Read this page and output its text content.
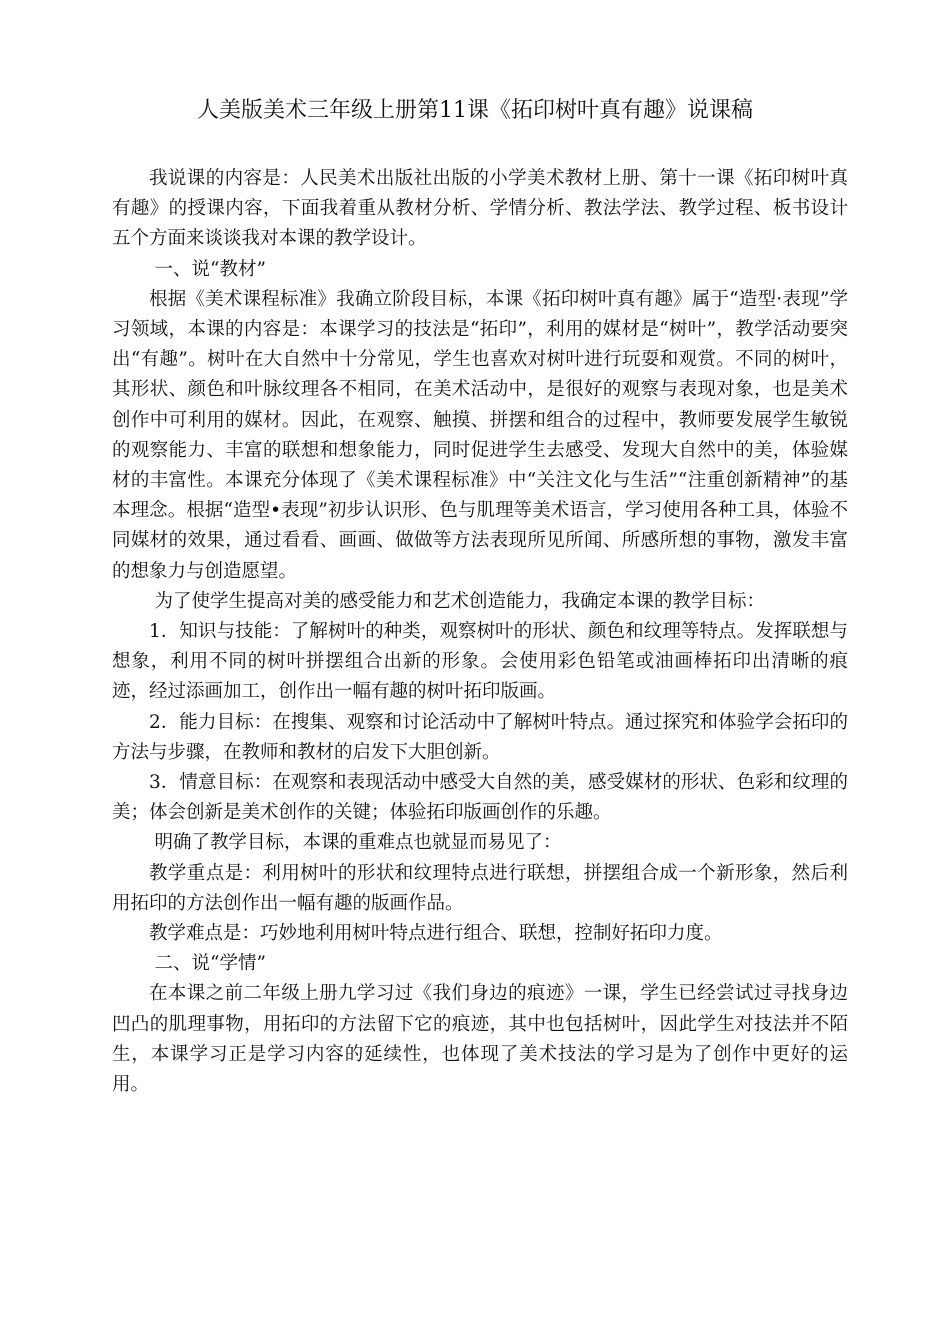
人美版美术三年级上册第11课《拓印树叶真有趣》说课稿

我说课的内容是：人民美术出版社出版的小学美术教材上册、第十一课《拓印树叶真有趣》的授课内容，下面我着重从教材分析、学情分析、教法学法、教学过程、板书设计五个方面来谈谈我对本课的教学设计。

一、说“教材”

根据《美术课程标准》我确立阶段目标，本课《拓印树叶真有趣》属于“造型·表现”学习领域，本课的内容是：本课学习的技法是“拓印”，利用的媒材是“树叶”，教学活动要突出“有趣”。树叶在大自然中十分常见，学生也喜欢对树叶进行玩耍和观赏。不同的树叶，其形状、颜色和叶脉纹理各不相同，在美术活动中，是很好的观察与表现对象，也是美术创作中可利用的媒材。因此，在观察、触摸、拼摆和组合的过程中，教师要发展学生敏锐的观察能力、丰富的联想和想象能力，同时促进学生去感受、发现大自然中的美，体验媒材的丰富性。本课充分体现了《美术课程标准》中“关注文化与生活”“注重创新精神”的基本理念。根据“造型•表现”初步认识形、色与肌理等美术语言，学习使用各种工具，体验不同媒材的效果，通过看看、画画、做做等方法表现所见所闻、所感所想的事物，激发丰富的想象力与创造愿望。

为了使学生提高对美的感受能力和艺术创造能力，我确定本课的教学目标：

1．知识与技能：了解树叶的种类，观察树叶的形状、颜色和纹理等特点。发挥联想与想象，利用不同的树叶拼摆组合出新的形象。会使用彩色铅笔或油画棒拓印出清晰的痕迹，经过添画加工，创作出一幅有趣的树叶拓印版画。

2．能力目标：在搜集、观察和讨论活动中了解树叶特点。通过探究和体验学会拓印的方法与步骤，在教师和教材的启发下大胆创新。

3．情意目标：在观察和表现活动中感受大自然的美，感受媒材的形状、色彩和纹理的美；体会创新是美术创作的关键；体验拓印版画创作的乐趣。

明确了教学目标，本课的重难点也就显而易见了：

教学重点是：利用树叶的形状和纹理特点进行联想，拼摆组合成一个新形象，然后利用拓印的方法创作出一幅有趣的版画作品。

教学难点是：巧妙地利用树叶特点进行组合、联想，控制好拓印力度。

二、说“学情”

在本课之前二年级上册九学习过《我们身边的痕迹》一课，学生已经尝试过寻找身边凹凸的肌理事物，用拓印的方法留下它的痕迹，其中也包括树叶，因此学生对技法并不陌生，本课学习正是学习内容的延续性，也体现了美术技法的学习是为了创作中更好的运用。
